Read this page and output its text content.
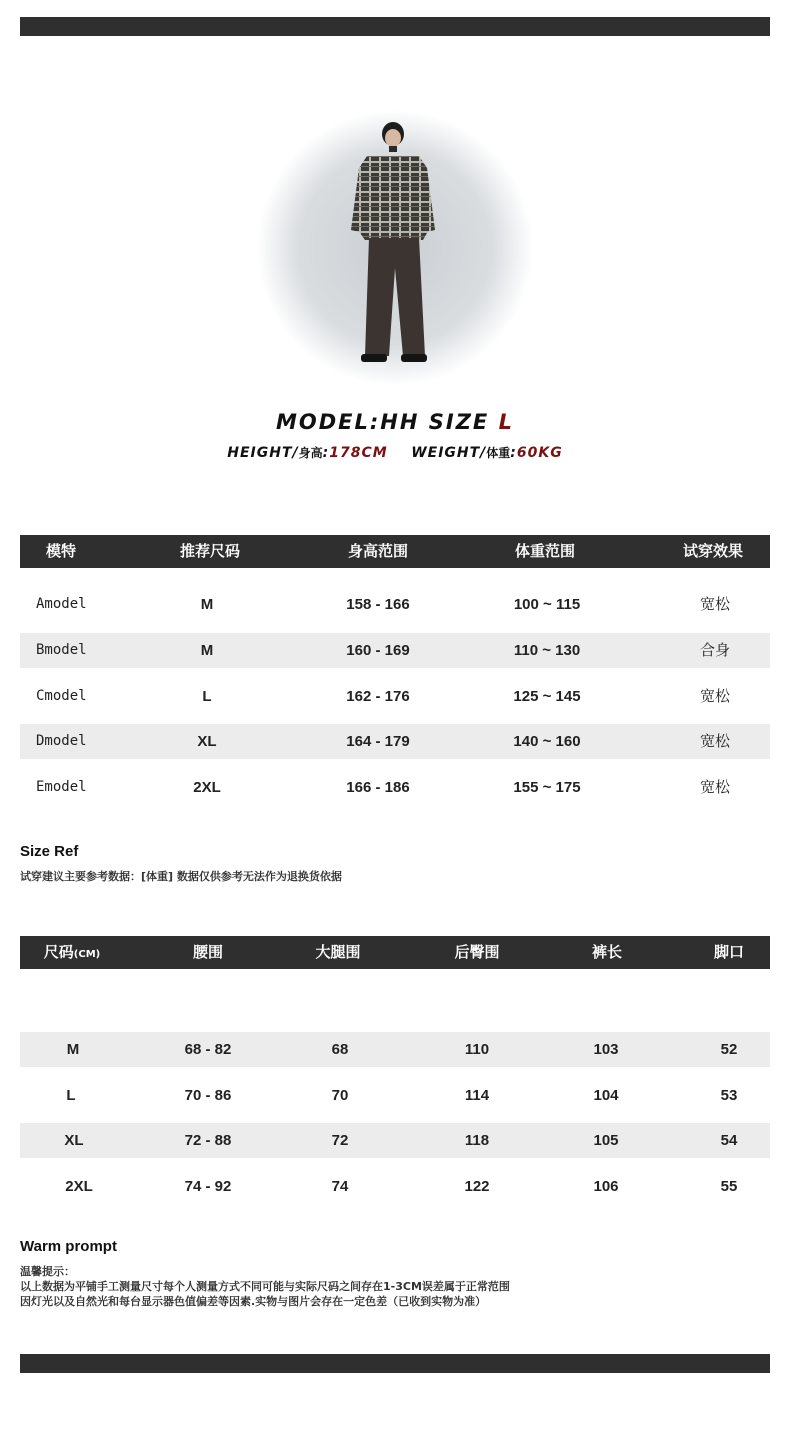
MODEL:HH SIZE L
HEIGHT/身高:178CM WEIGHT/体重:60KG
模特	推荐尺码	身高范围	体重范围	试穿效果
Amodel	M	158 - 166	100 ~ 115	宽松
Bmodel	M	160 - 169	110 ~ 130	合身
Cmodel	L	162 - 176	125 ~ 145	宽松
Dmodel	XL	164 - 179	140 ~ 160	宽松
Emodel	2XL	166 - 186	155 ~ 175	宽松
Size Ref
试穿建议主要参考数据：[体重] 数据仅供参考无法作为退换货依据
尺码(CM)	腰围	大腿围	后臀围	裤长	脚口
M	68 - 82	68	110	103	52
L	70 - 86	70	114	104	53
XL	72 - 88	72	118	105	54
2XL	74 - 92	74	122	106	55
Warm prompt
温馨提示：
以上数据为平铺手工测量尺寸每个人测量方式不同可能与实际尺码之间存在1-3CM误差属于正常范围
因灯光以及自然光和每台显示器色值偏差等因素.实物与图片会存在一定色差（已收到实物为准）
